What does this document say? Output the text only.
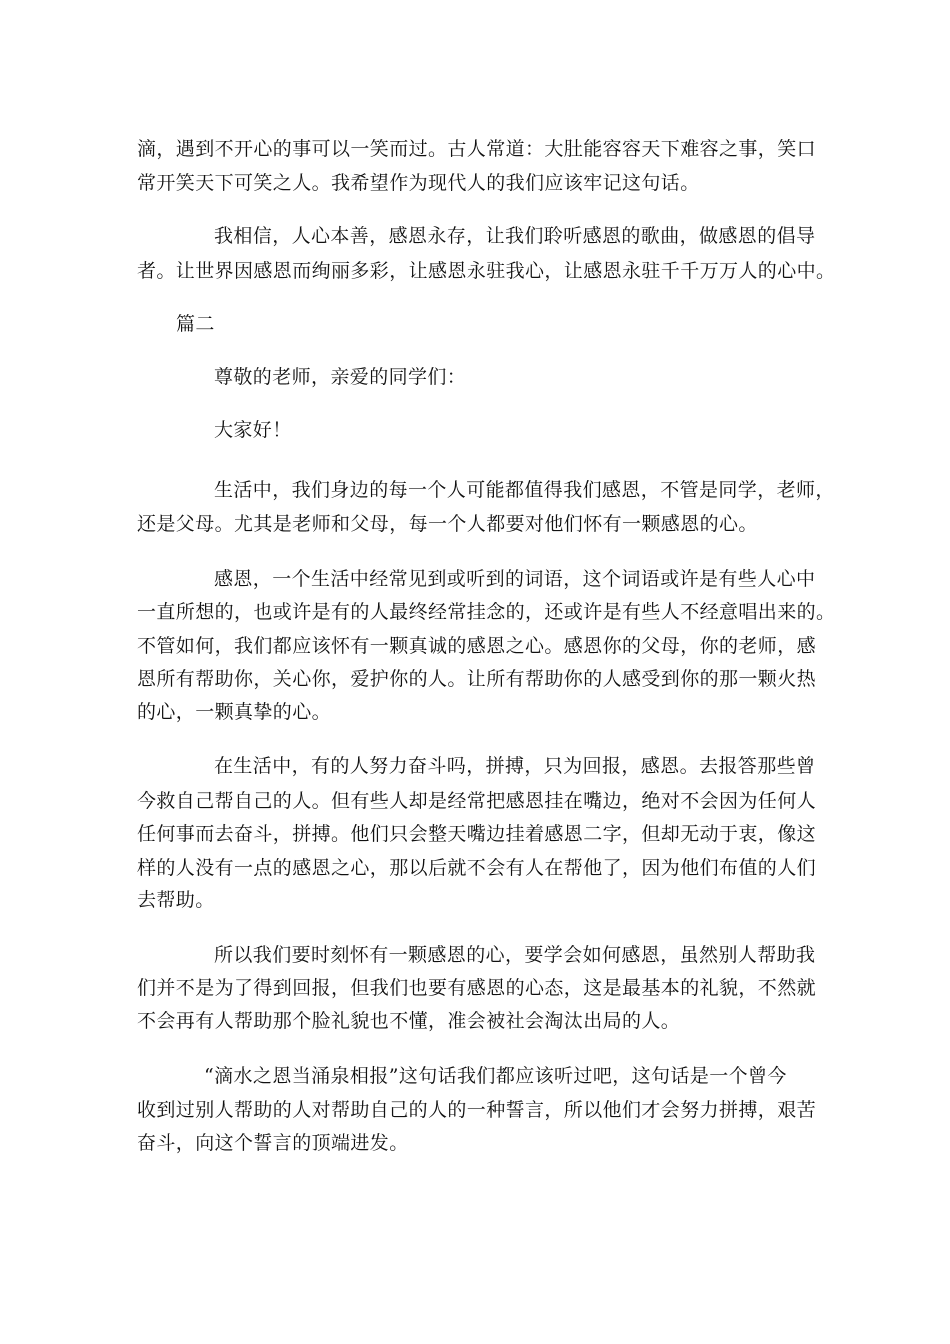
滴，遇到不开心的事可以一笑而过。古人常道：大肚能容容天下难容之事，笑口

常开笑天下可笑之人。我希望作为现代人的我们应该牢记这句话。

我相信，人心本善，感恩永存，让我们聆听感恩的歌曲，做感恩的倡导

者。让世界因感恩而绚丽多彩，让感恩永驻我心，让感恩永驻千千万万人的心中。

篇二

尊敬的老师，亲爱的同学们：

大家好！

生活中，我们身边的每一个人可能都值得我们感恩，不管是同学，老师，

还是父母。尤其是老师和父母，每一个人都要对他们怀有一颗感恩的心。

感恩，一个生活中经常见到或听到的词语，这个词语或许是有些人心中

一直所想的，也或许是有的人最终经常挂念的，还或许是有些人不经意唱出来的。

不管如何，我们都应该怀有一颗真诚的感恩之心。感恩你的父母，你的老师，感

恩所有帮助你，关心你，爱护你的人。让所有帮助你的人感受到你的那一颗火热

的心，一颗真挚的心。

在生活中，有的人努力奋斗吗，拼搏，只为回报，感恩。去报答那些曾

今救自己帮自己的人。但有些人却是经常把感恩挂在嘴边，绝对不会因为任何人

任何事而去奋斗，拼搏。他们只会整天嘴边挂着感恩二字，但却无动于衷，像这

样的人没有一点的感恩之心，那以后就不会有人在帮他了，因为他们布值的人们

去帮助。

所以我们要时刻怀有一颗感恩的心，要学会如何感恩，虽然别人帮助我

们并不是为了得到回报，但我们也要有感恩的心态，这是最基本的礼貌，不然就

不会再有人帮助那个脸礼貌也不懂，准会被社会淘汰出局的人。

“滴水之恩当涌泉相报”这句话我们都应该听过吧，这句话是一个曾今

收到过别人帮助的人对帮助自己的人的一种誓言，所以他们才会努力拼搏，艰苦

奋斗，向这个誓言的顶端进发。
